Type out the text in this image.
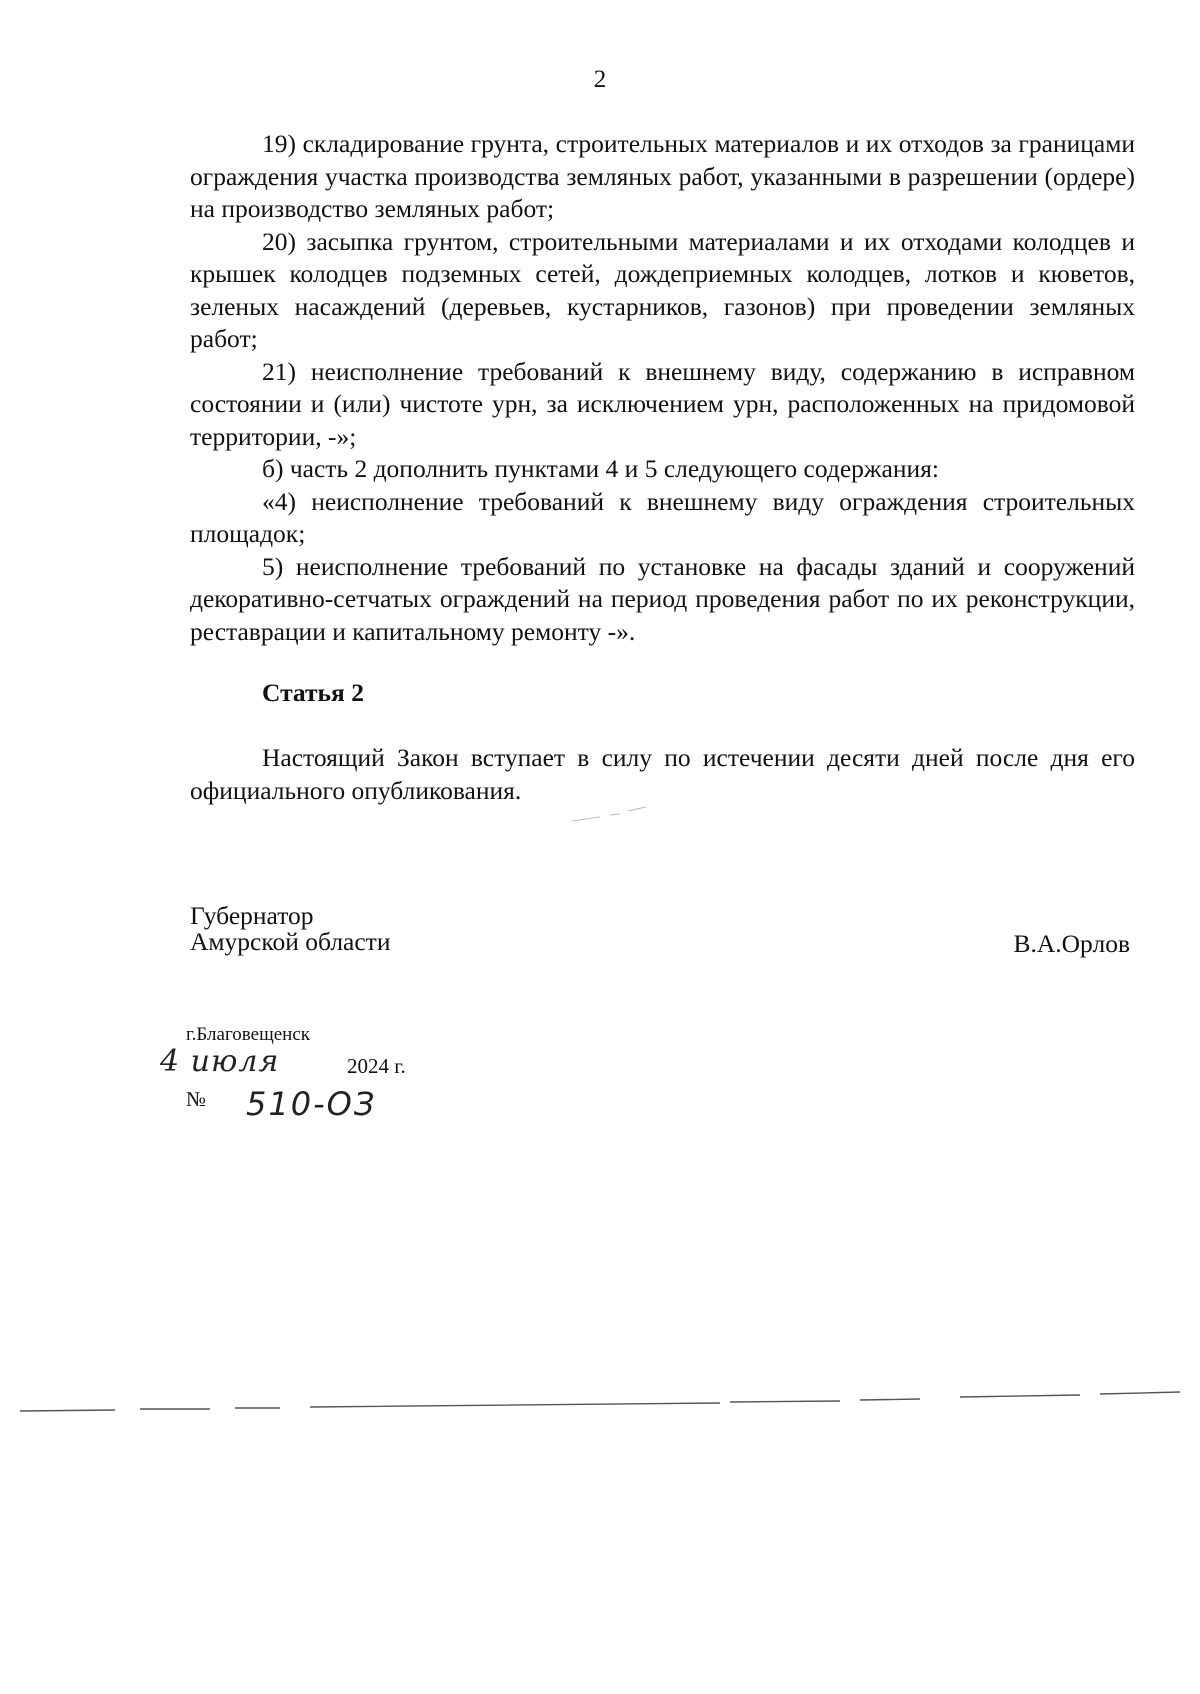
2

19) складирование грунта, строительных материалов и их отходов за границами ограждения участка производства земляных работ, указанными в разрешении (ордере) на производство земляных работ;

20) засыпка грунтом, строительными материалами и их отходами колодцев и крышек колодцев подземных сетей, дождеприемных колодцев, лотков и кюветов, зеленых насаждений (деревьев, кустарников, газонов) при проведении земляных работ;

21) неисполнение требований к внешнему виду, содержанию в исправном состоянии и (или) чистоте урн, за исключением урн, расположенных на придомовой территории, -»;

б) часть 2 дополнить пунктами 4 и 5 следующего содержания:

«4) неисполнение требований к внешнему виду ограждения строительных площадок;

5) неисполнение требований по установке на фасады зданий и сооружений декоративно-сетчатых ограждений на период проведения работ по их реконструкции, реставрации и капитальному ремонту -».

Статья 2

Настоящий Закон вступает в силу по истечении десяти дней после дня его официального опубликования.

Губернатор
Амурской области	В.А.Орлов
г.Благовещенск
4 июля	2024 г.
№ 510-ОЗ
